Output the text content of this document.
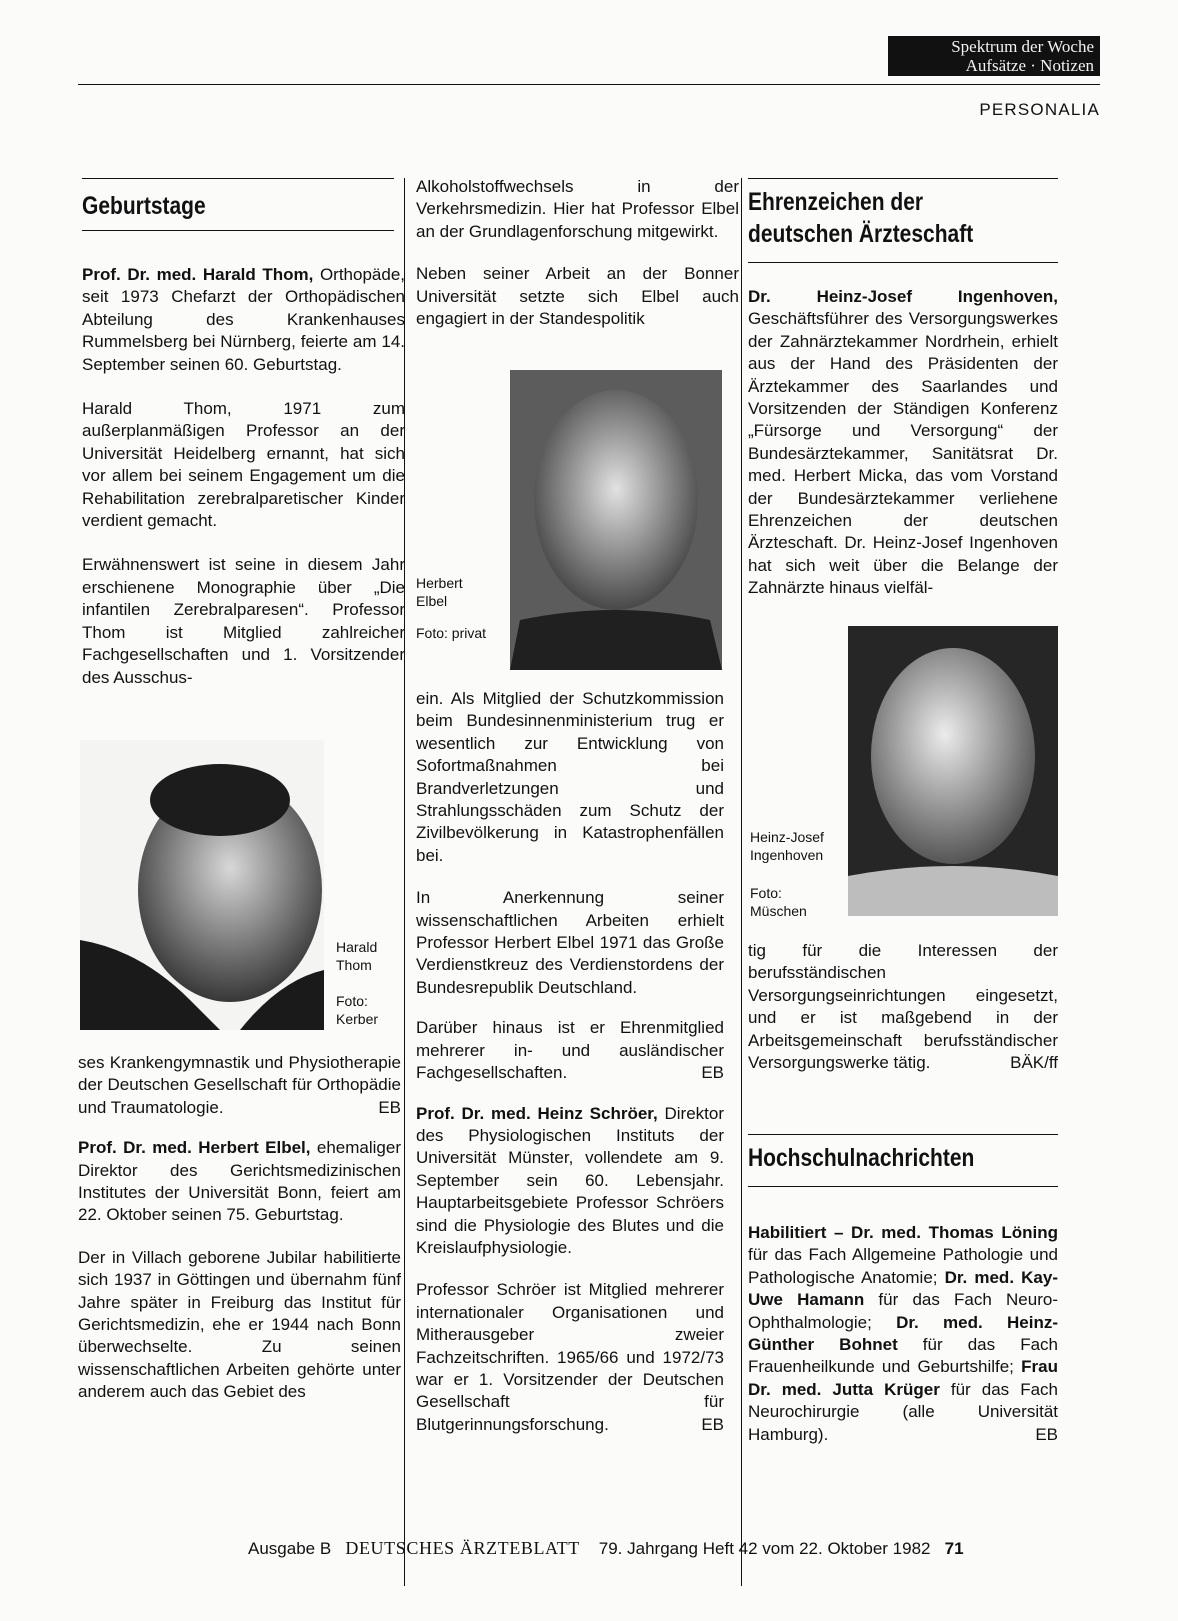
Spektrum der Woche
Aufsätze · Notizen
PERSONALIA
Geburtstage

Prof. Dr. med. Harald Thom, Orthopäde, seit 1973 Chefarzt der Orthopädischen Abteilung des Krankenhauses Rummelsberg bei Nürnberg, feierte am 14. September seinen 60. Geburtstag.

Harald Thom, 1971 zum außerplanmäßigen Professor an der Universität Heidelberg ernannt, hat sich vor allem bei seinem Engagement um die Rehabilitation zerebralparetischer Kinder verdient gemacht.

Erwähnenswert ist seine in diesem Jahr erschienene Monographie über „Die infantilen Zerebralparesen“. Professor Thom ist Mitglied zahlreicher Fachgesellschaften und 1. Vorsitzender des Ausschus-

Harald Thom
Foto: Kerber

ses Krankengymnastik und Physiotherapie der Deutschen Gesellschaft für Orthopädie und Traumatologie.	EB

Prof. Dr. med. Herbert Elbel, ehemaliger Direktor des Gerichtsmedizinischen Institutes der Universität Bonn, feiert am 22. Oktober seinen 75. Geburtstag.

Der in Villach geborene Jubilar habilitierte sich 1937 in Göttingen und übernahm fünf Jahre später in Freiburg das Institut für Gerichtsmedizin, ehe er 1944 nach Bonn überwechselte. Zu seinen wissenschaftlichen Arbeiten gehörte unter anderem auch das Gebiet des

Alkoholstoffwechsels in der Verkehrsmedizin. Hier hat Professor Elbel an der Grundlagenforschung mitgewirkt.

Neben seiner Arbeit an der Bonner Universität setzte sich Elbel auch engagiert in der Standespolitik

Herbert Elbel
Foto: privat

ein. Als Mitglied der Schutzkommission beim Bundesinnenministerium trug er wesentlich zur Entwicklung von Sofortmaßnahmen bei Brandverletzungen und Strahlungsschäden zum Schutz der Zivilbevölkerung in Katastrophenfällen bei.

In Anerkennung seiner wissenschaftlichen Arbeiten erhielt Professor Herbert Elbel 1971 das Große Verdienstkreuz des Verdienstordens der Bundesrepublik Deutschland.

Darüber hinaus ist er Ehrenmitglied mehrerer in- und ausländischer Fachgesellschaften.	EB

Prof. Dr. med. Heinz Schröer, Direktor des Physiologischen Instituts der Universität Münster, vollendete am 9. September sein 60. Lebensjahr. Hauptarbeitsgebiete Professor Schröers sind die Physiologie des Blutes und die Kreislaufphysiologie.

Professor Schröer ist Mitglied mehrerer internationaler Organisationen und Mitherausgeber zweier Fachzeitschriften. 1965/66 und 1972/73 war er 1. Vorsitzender der Deutschen Gesellschaft für Blutgerinnungsforschung.	EB

Ehrenzeichen der
deutschen Ärzteschaft

Dr. Heinz-Josef Ingenhoven, Geschäftsführer des Versorgungswerkes der Zahnärztekammer Nordrhein, erhielt aus der Hand des Präsidenten der Ärztekammer des Saarlandes und Vorsitzenden der Ständigen Konferenz „Fürsorge und Versorgung“ der Bundesärztekammer, Sanitätsrat Dr. med. Herbert Micka, das vom Vorstand der Bundesärztekammer verliehene Ehrenzeichen der deutschen Ärzteschaft. Dr. Heinz-Josef Ingenhoven hat sich weit über die Belange der Zahnärzte hinaus vielfäl-

Heinz-Josef Ingenhoven
Foto: Müschen

tig für die Interessen der berufsständischen Versorgungseinrichtungen eingesetzt, und er ist maßgebend in der Arbeitsgemeinschaft berufsständischer Versorgungswerke tätig.	BÄK/ff

Hochschulnachrichten

Habilitiert – Dr. med. Thomas Löning für das Fach Allgemeine Pathologie und Pathologische Anatomie; Dr. med. Kay-Uwe Hamann für das Fach Neuro-Ophthalmologie; Dr. med. Heinz-Günther Bohnet für das Fach Frauenheilkunde und Geburtshilfe; Frau Dr. med. Jutta Krüger für das Fach Neurochirurgie (alle Universität Hamburg).	EB

Ausgabe B DEUTSCHES ÄRZTEBLATT 79. Jahrgang Heft 42 vom 22. Oktober 1982 71
